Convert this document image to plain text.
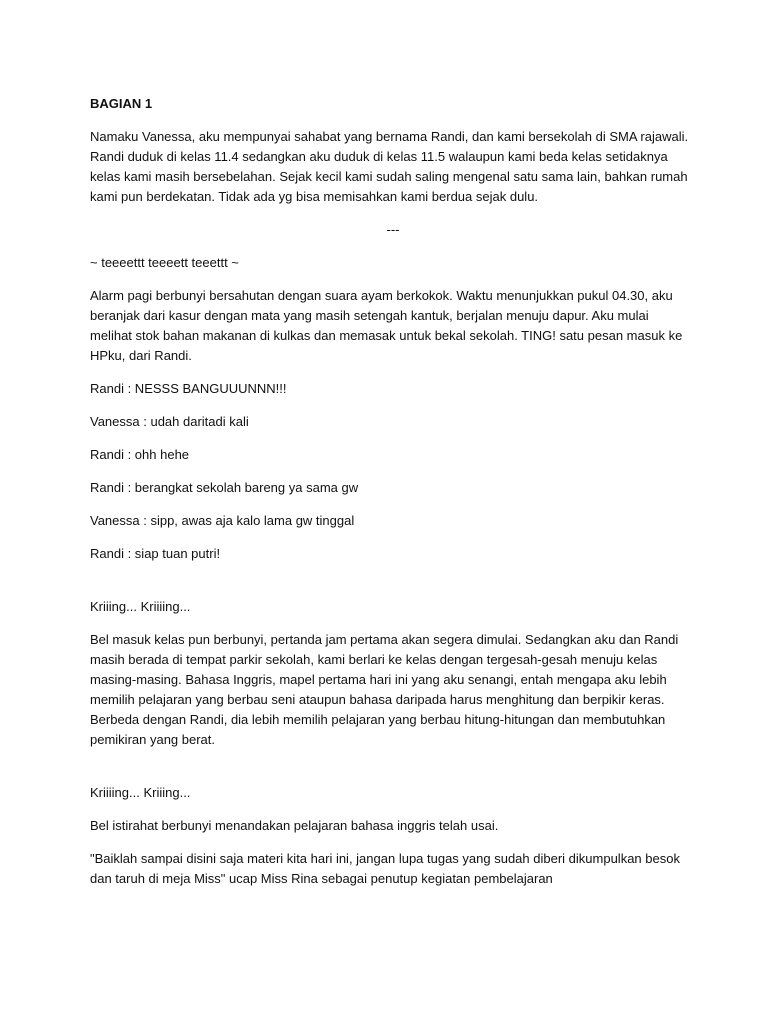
BAGIAN 1

Namaku Vanessa, aku mempunyai sahabat yang bernama Randi, dan kami bersekolah di SMA rajawali. Randi duduk di kelas 11.4 sedangkan aku duduk di kelas 11.5 walaupun kami beda kelas setidaknya kelas kami masih bersebelahan. Sejak kecil kami sudah saling mengenal satu sama lain, bahkan rumah kami pun berdekatan. Tidak ada yg bisa memisahkan kami berdua sejak dulu.

---

~ teeeettt teeeett teeettt ~

Alarm pagi berbunyi bersahutan dengan suara ayam berkokok. Waktu menunjukkan pukul 04.30, aku beranjak dari kasur dengan mata yang masih setengah kantuk, berjalan menuju dapur. Aku mulai melihat stok bahan makanan di kulkas dan memasak untuk bekal sekolah. TING! satu pesan masuk ke HPku, dari Randi.

Randi : NESSS BANGUUUNNN!!!

Vanessa : udah daritadi kali

Randi : ohh hehe

Randi : berangkat sekolah bareng ya sama gw

Vanessa : sipp, awas aja kalo lama gw tinggal

Randi : siap tuan putri!

Kriiing... Kriiiing...

Bel masuk kelas pun berbunyi, pertanda jam pertama akan segera dimulai. Sedangkan aku dan Randi masih berada di tempat parkir sekolah, kami berlari ke kelas dengan tergesah-gesah menuju kelas masing-masing. Bahasa Inggris, mapel pertama hari ini yang aku senangi, entah mengapa aku lebih memilih pelajaran yang berbau seni ataupun bahasa daripada harus menghitung dan berpikir keras. Berbeda dengan Randi, dia lebih memilih pelajaran yang berbau hitung-hitungan dan membutuhkan pemikiran yang berat.

Kriiiing... Kriiing...

Bel istirahat berbunyi menandakan pelajaran bahasa inggris telah usai.

"Baiklah sampai disini saja materi kita hari ini, jangan lupa tugas yang sudah diberi dikumpulkan besok dan taruh di meja Miss" ucap Miss Rina sebagai penutup kegiatan pembelajaran
